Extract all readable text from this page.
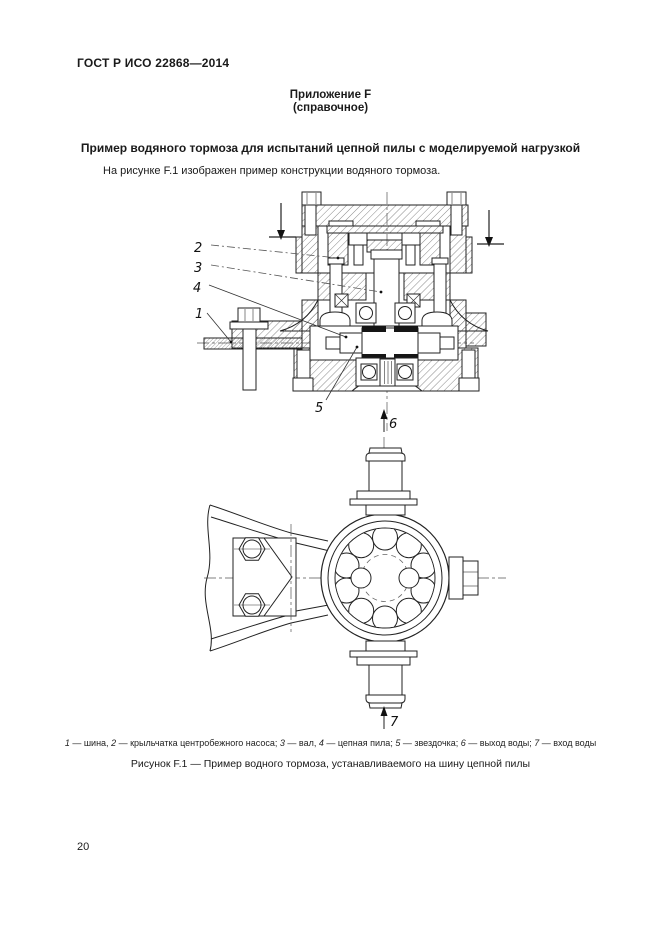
ГОСТ Р ИСО 22868—2014
Приложение F
(справочное)
Пример водяного тормоза для испытаний цепной пилы с моделируемой нагрузкой
На рисунке F.1 изображен пример конструкции водяного тормоза.
2
3
4
1
5
6
7
1 — шина, 2 — крыльчатка центробежного насоса; 3 — вал, 4 — цепная пила; 5 — звездочка; 6 — выход воды; 7 — вход воды
Рисунок F.1 — Пример водного тормоза, устанавливаемого на шину цепной пилы
20
